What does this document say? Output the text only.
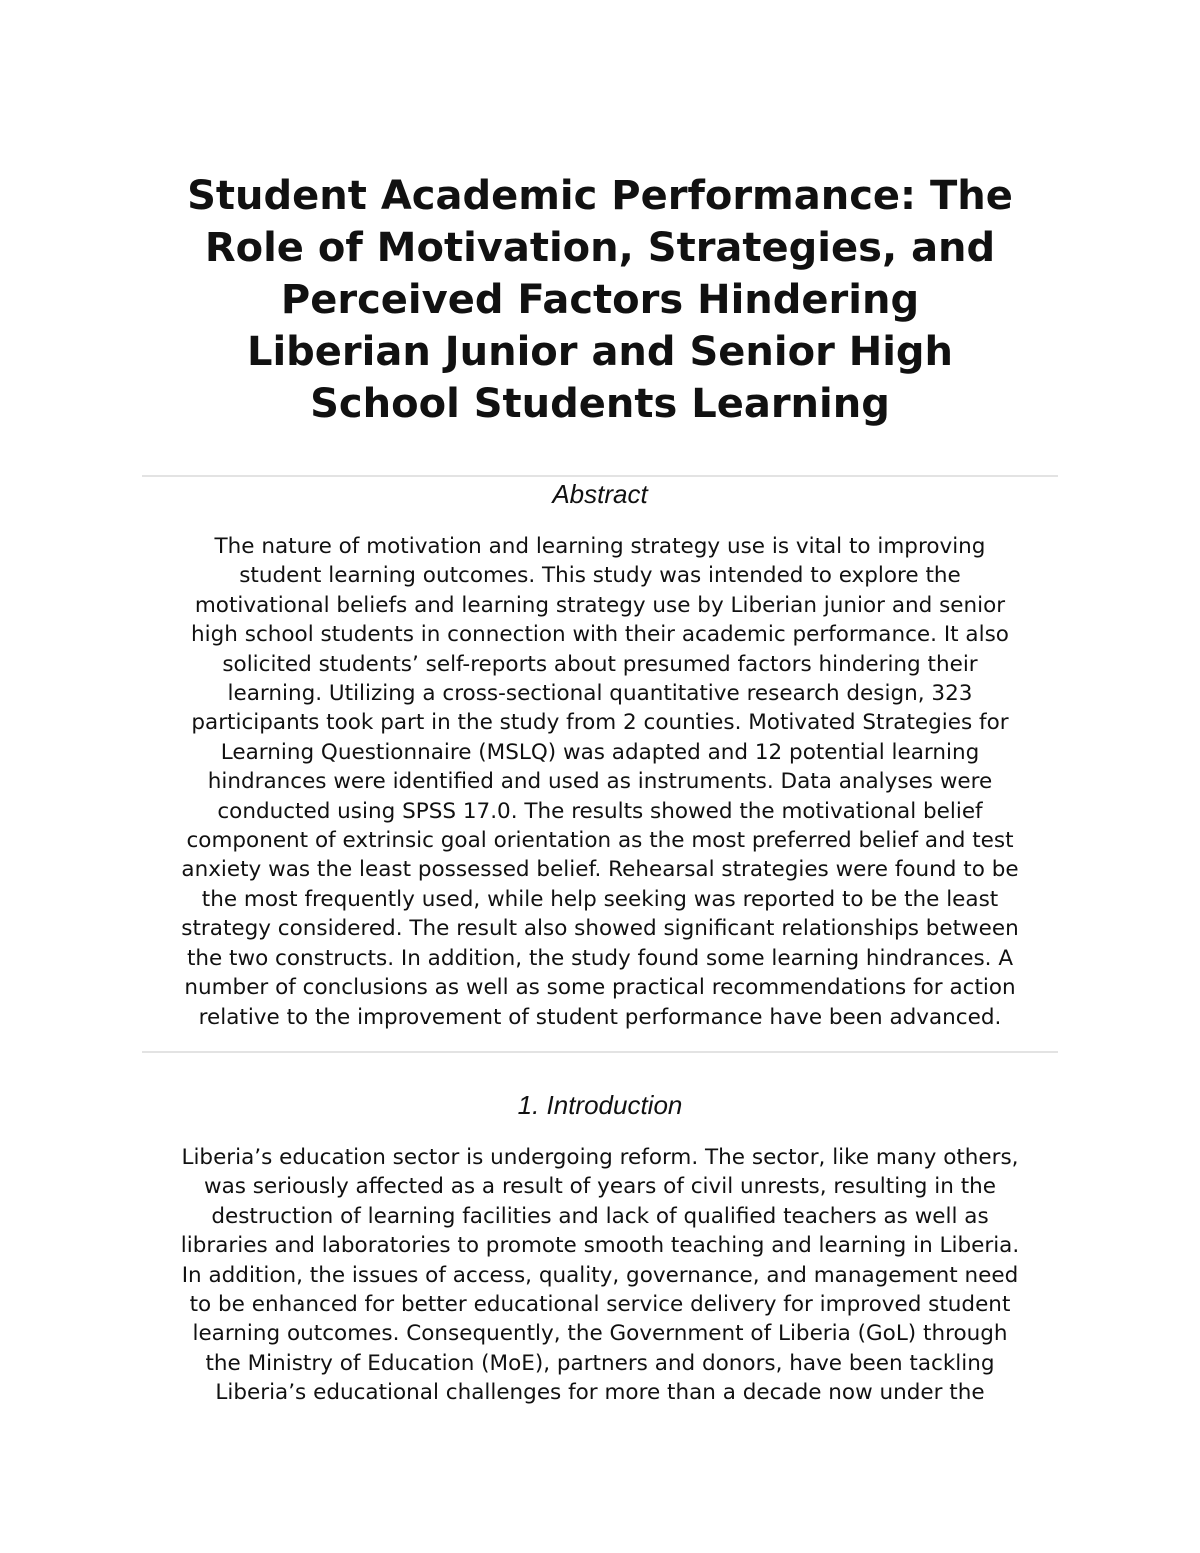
Student Academic Performance: The
Role of Motivation, Strategies, and
Perceived Factors Hindering
Liberian Junior and Senior High
School Students Learning
Abstract

The nature of motivation and learning strategy use is vital to improving
student learning outcomes. This study was intended to explore the
motivational beliefs and learning strategy use by Liberian junior and senior
high school students in connection with their academic performance. It also
solicited students’ self-reports about presumed factors hindering their
learning. Utilizing a cross-sectional quantitative research design, 323
participants took part in the study from 2 counties. Motivated Strategies for
Learning Questionnaire (MSLQ) was adapted and 12 potential learning
hindrances were identified and used as instruments. Data analyses were
conducted using SPSS 17.0. The results showed the motivational belief
component of extrinsic goal orientation as the most preferred belief and test
anxiety was the least possessed belief. Rehearsal strategies were found to be
the most frequently used, while help seeking was reported to be the least
strategy considered. The result also showed significant relationships between
the two constructs. In addition, the study found some learning hindrances. A
number of conclusions as well as some practical recommendations for action
relative to the improvement of student performance have been advanced.

1. Introduction

Liberia’s education sector is undergoing reform. The sector, like many others,
was seriously affected as a result of years of civil unrests, resulting in the
destruction of learning facilities and lack of qualified teachers as well as
libraries and laboratories to promote smooth teaching and learning in Liberia.
In addition, the issues of access, quality, governance, and management need
to be enhanced for better educational service delivery for improved student
learning outcomes. Consequently, the Government of Liberia (GoL) through
the Ministry of Education (MoE), partners and donors, have been tackling
Liberia’s educational challenges for more than a decade now under the
